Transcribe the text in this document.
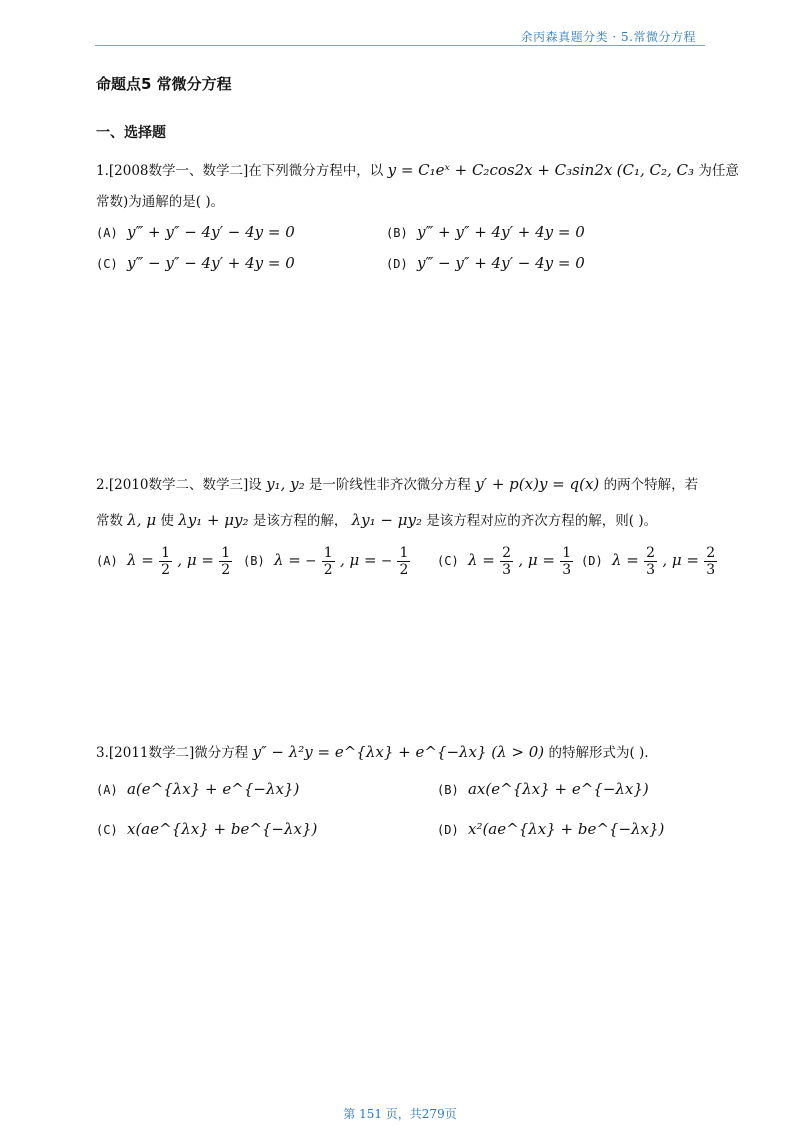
余丙森真题分类 · 5.常微分方程
命题点5 常微分方程
一、选择题
1.[2008数学一、数学二]在下列微分方程中，以 y = C₁eˣ + C₂cos2x + C₃sin2x (C₁, C₂, C₃ 为任意
常数)为通解的是( )。
(A) y‴ + y″ − 4y′ − 4y = 0	(B) y‴ + y″ + 4y′ + 4y = 0
(C) y‴ − y″ − 4y′ + 4y = 0	(D) y‴ − y″ + 4y′ − 4y = 0
2.[2010数学二、数学三]设 y₁, y₂ 是一阶线性非齐次微分方程 y′ + p(x)y = q(x) 的两个特解，若
常数 λ, μ 使 λy₁ + μy₂ 是该方程的解， λy₁ − μy₂ 是该方程对应的齐次方程的解，则( )。
(A) $\lambda = \frac{1}{2}$ , $\mu = \frac{1}{2} (B) \lambda$ = − $\frac{1}{2}$ , μ = − $\frac{1}{2} (C) \lambda = \frac{2}{3}$ , $\mu = \frac{1}{3} (D) \lambda = \frac{2}{3}$ , $\mu = \frac{2}{3}$
3.[2011数学二]微分方程 y″ − λ²y = e^{λx} + e^{−λx} (λ > 0) 的特解形式为( ).
(A) a(e^{λx} + e^{−λx})	(B) ax(e^{λx} + e^{−λx})
(C) x(ae^{λx} + be^{−λx})	(D) x²(ae^{λx} + be^{−λx})
第 151 页，共279页
